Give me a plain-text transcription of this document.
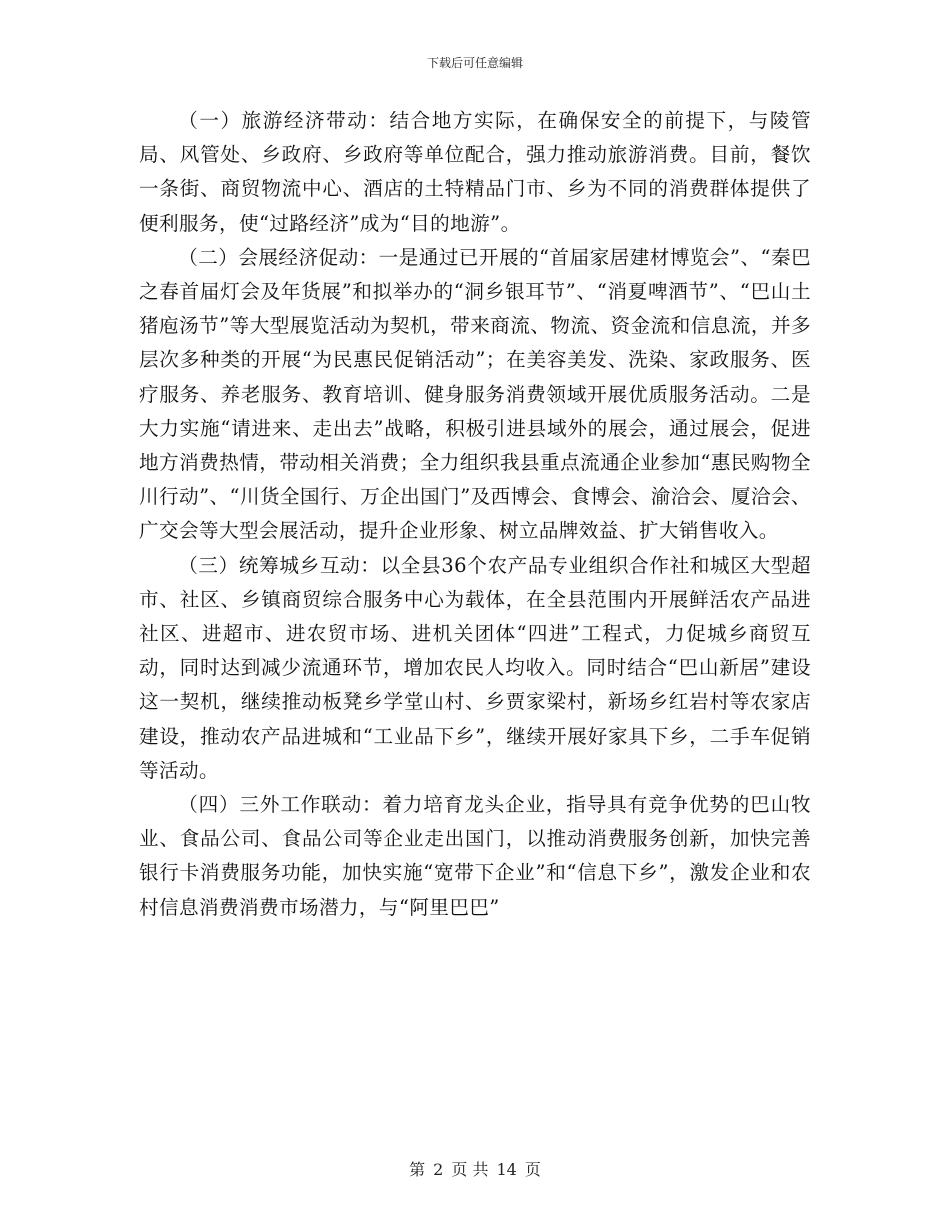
下载后可任意编辑

（一）旅游经济带动：结合地方实际，在确保安全的前提下，与陵管局、风管处、乡政府、乡政府等单位配合，强力推动旅游消费。目前，餐饮一条街、商贸物流中心、酒店的土特精品门市、乡为不同的消费群体提供了便利服务，使“过路经济”成为“目的地游”。

（二）会展经济促动：一是通过已开展的“首届家居建材博览会”、“秦巴之春首届灯会及年货展”和拟举办的“洞乡银耳节”、“消夏啤酒节”、“巴山土猪庖汤节”等大型展览活动为契机，带来商流、物流、资金流和信息流，并多层次多种类的开展“为民惠民促销活动”；在美容美发、洗染、家政服务、医疗服务、养老服务、教育培训、健身服务消费领域开展优质服务活动。二是大力实施“请进来、走出去”战略，积极引进县域外的展会，通过展会，促进地方消费热情，带动相关消费；全力组织我县重点流通企业参加“惠民购物全川行动”、“川货全国行、万企出国门”及西博会、食博会、渝洽会、厦洽会、广交会等大型会展活动，提升企业形象、树立品牌效益、扩大销售收入。

（三）统筹城乡互动：以全县36个农产品专业组织合作社和城区大型超市、社区、乡镇商贸综合服务中心为载体，在全县范围内开展鲜活农产品进社区、进超市、进农贸市场、进机关团体“四进”工程式，力促城乡商贸互动，同时达到减少流通环节，增加农民人均收入。同时结合“巴山新居”建设这一契机，继续推动板凳乡学堂山村、乡贾家梁村，新场乡红岩村等农家店建设，推动农产品进城和“工业品下乡”，继续开展好家具下乡，二手车促销等活动。

（四）三外工作联动：着力培育龙头企业，指导具有竞争优势的巴山牧业、食品公司、食品公司等企业走出国门，以推动消费服务创新，加快完善银行卡消费服务功能，加快实施“宽带下企业”和“信息下乡”，激发企业和农村信息消费消费市场潜力，与“阿里巴巴”

第 2 页 共 14 页
